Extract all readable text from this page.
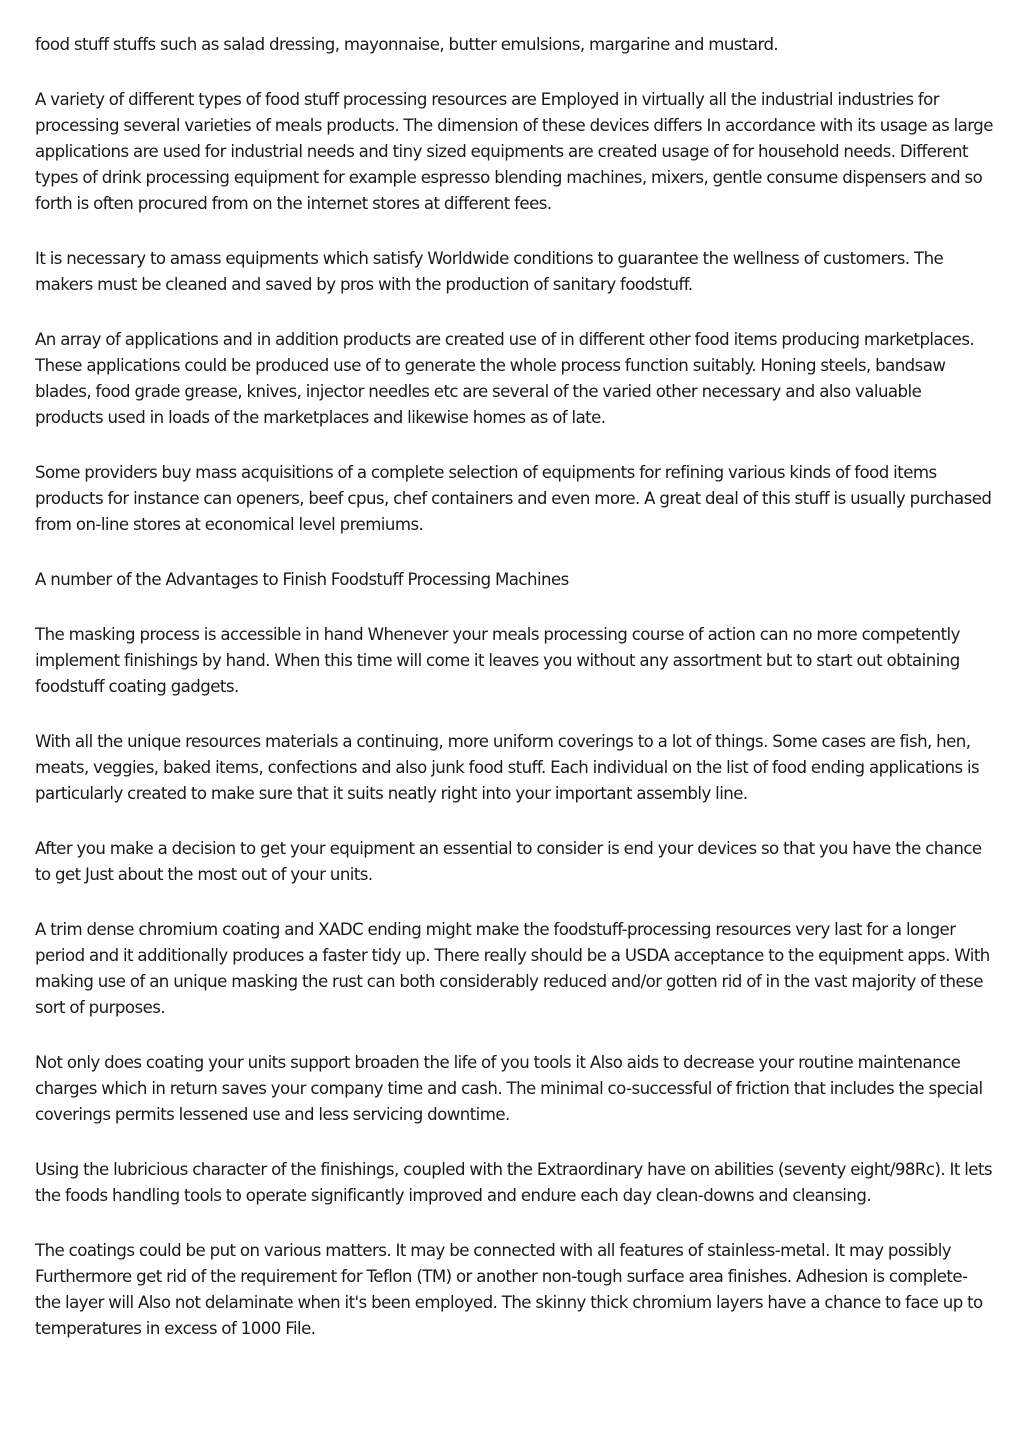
food stuff stuffs such as salad dressing, mayonnaise, butter emulsions, margarine and mustard.

A variety of different types of food stuff processing resources are Employed in virtually all the industrial industries for processing several varieties of meals products. The dimension of these devices differs In accordance with its usage as large applications are used for industrial needs and tiny sized equipments are created usage of for household needs. Different types of drink processing equipment for example espresso blending machines, mixers, gentle consume dispensers and so forth is often procured from on the internet stores at different fees.

It is necessary to amass equipments which satisfy Worldwide conditions to guarantee the wellness of customers. The makers must be cleaned and saved by pros with the production of sanitary foodstuff.

An array of applications and in addition products are created use of in different other food items producing marketplaces. These applications could be produced use of to generate the whole process function suitably. Honing steels, bandsaw blades, food grade grease, knives, injector needles etc are several of the varied other necessary and also valuable products used in loads of the marketplaces and likewise homes as of late.

Some providers buy mass acquisitions of a complete selection of equipments for refining various kinds of food items products for instance can openers, beef cpus, chef containers and even more. A great deal of this stuff is usually purchased from on-line stores at economical level premiums.

A number of the Advantages to Finish Foodstuff Processing Machines

The masking process is accessible in hand Whenever your meals processing course of action can no more competently implement finishings by hand. When this time will come it leaves you without any assortment but to start out obtaining foodstuff coating gadgets.

With all the unique resources materials a continuing, more uniform coverings to a lot of things. Some cases are fish, hen, meats, veggies, baked items, confections and also junk food stuff. Each individual on the list of food ending applications is particularly created to make sure that it suits neatly right into your important assembly line.

After you make a decision to get your equipment an essential to consider is end your devices so that you have the chance to get Just about the most out of your units.

A trim dense chromium coating and XADC ending might make the foodstuff-processing resources very last for a longer period and it additionally produces a faster tidy up. There really should be a USDA acceptance to the equipment apps. With making use of an unique masking the rust can both considerably reduced and/or gotten rid of in the vast majority of these sort of purposes.

Not only does coating your units support broaden the life of you tools it Also aids to decrease your routine maintenance charges which in return saves your company time and cash. The minimal co-successful of friction that includes the special coverings permits lessened use and less servicing downtime.

Using the lubricious character of the finishings, coupled with the Extraordinary have on abilities (seventy eight/98Rc). It lets the foods handling tools to operate significantly improved and endure each day clean-downs and cleansing.

The coatings could be put on various matters. It may be connected with all features of stainless-metal. It may possibly Furthermore get rid of the requirement for Teflon (TM) or another non-tough surface area finishes. Adhesion is complete-the layer will Also not delaminate when it's been employed. The skinny thick chromium layers have a chance to face up to temperatures in excess of 1000 File.
